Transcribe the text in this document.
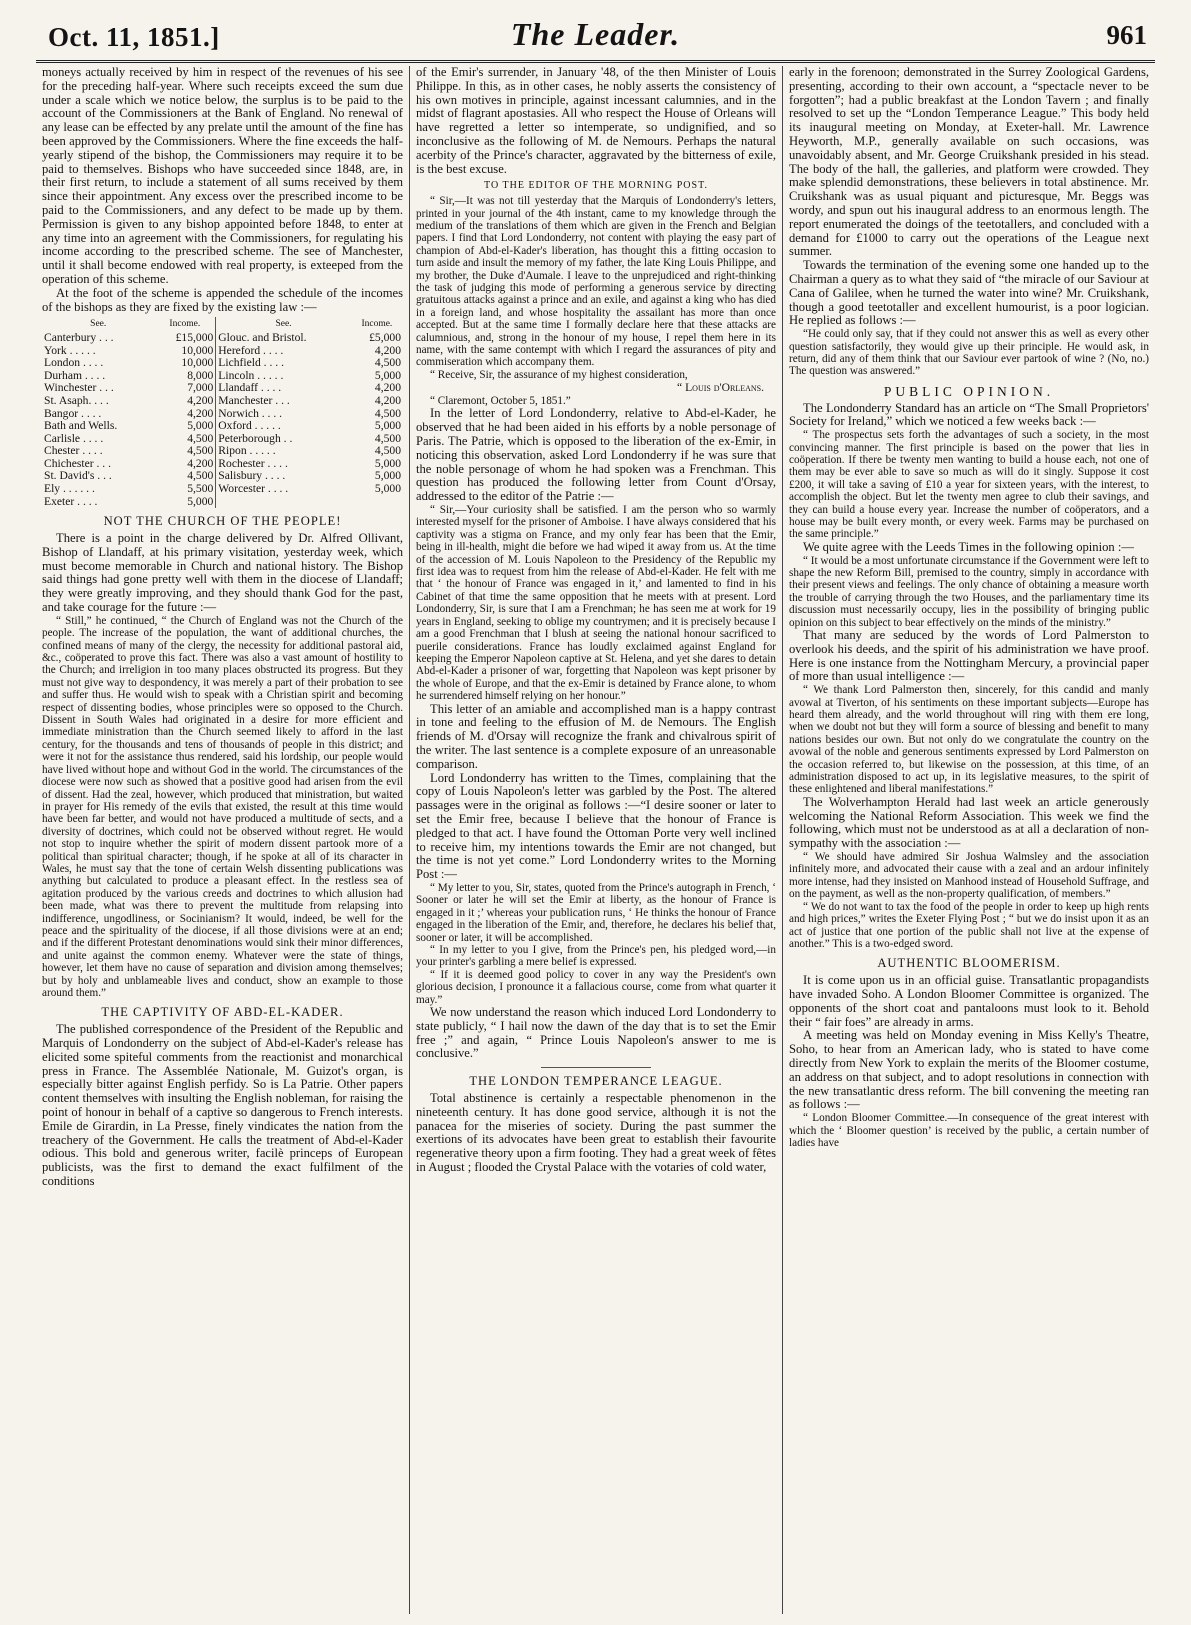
Oct. 11, 1851.]	The Leader.	961

moneys actually received by him in respect of the revenues of his see for the preceding half-year. Where such receipts exceed the sum due under a scale which we notice below, the surplus is to be paid to the account of the Commissioners at the Bank of England. No renewal of any lease can be effected by any prelate until the amount of the fine has been approved by the Commissioners. Where the fine exceeds the half-yearly stipend of the bishop, the Commissioners may require it to be paid to themselves. Bishops who have succeeded since 1848, are, in their first return, to include a statement of all sums received by them since their appointment. Any excess over the prescribed income to be paid to the Commissioners, and any defect to be made up by them. Permission is given to any bishop appointed before 1848, to enter at any time into an agreement with the Commissioners, for regulating his income according to the prescribed scheme. The see of Manchester, until it shall become endowed with real property, is exteeped from the operation of this scheme.

At the foot of the scheme is appended the schedule of the incomes of the bishops as they are fixed by the existing law :—

See.	Income.	See.	Income.
Canterbury . . .	£15,000	Glouc. and Bristol.	£5,000
York . . . . .	10,000	Hereford . . . .	4,200
London . . . .	10,000	Lichfield . . . .	4,500
Durham . . . .	8,000	Lincoln . . . . .	5,000
Winchester . . .	7,000	Llandaff . . . .	4,200
St. Asaph. . . .	4,200	Manchester . . .	4,200
Bangor . . . .	4,200	Norwich . . . .	4,500
Bath and Wells.	5,000	Oxford . . . . .	5,000
Carlisle . . . .	4,500	Peterborough . .	4,500
Chester . . . .	4,500	Ripon . . . . .	4,500
Chichester . . .	4,200	Rochester . . . .	5,000
St. David's . . .	4,500	Salisbury . . . .	5,000
Ely . . . . . .	5,500	Worcester . . . .	5,000
Exeter . . . .	5,000		
NOT THE CHURCH OF THE PEOPLE!

There is a point in the charge delivered by Dr. Alfred Ollivant, Bishop of Llandaff, at his primary visitation, yesterday week, which must become memorable in Church and national history. The Bishop said things had gone pretty well with them in the diocese of Llandaff; they were greatly improving, and they should thank God for the past, and take courage for the future :—

“ Still,” he continued, “ the Church of England was not the Church of the people. The increase of the population, the want of additional churches, the confined means of many of the clergy, the necessity for additional pastoral aid, &c., coöperated to prove this fact. There was also a vast amount of hostility to the Church; and irreligion in too many places obstructed its progress. But they must not give way to despondency, it was merely a part of their probation to see and suffer thus. He would wish to speak with a Christian spirit and becoming respect of dissenting bodies, whose principles were so opposed to the Church. Dissent in South Wales had originated in a desire for more efficient and immediate ministration than the Church seemed likely to afford in the last century, for the thousands and tens of thousands of people in this district; and were it not for the assistance thus rendered, said his lordship, our people would have lived without hope and without God in the world. The circumstances of the diocese were now such as showed that a positive good had arisen from the evil of dissent. Had the zeal, however, which produced that ministration, but waited in prayer for His remedy of the evils that existed, the result at this time would have been far better, and would not have produced a multitude of sects, and a diversity of doctrines, which could not be observed without regret. He would not stop to inquire whether the spirit of modern dissent partook more of a political than spiritual character; though, if he spoke at all of its character in Wales, he must say that the tone of certain Welsh dissenting publications was anything but calculated to produce a pleasant effect. In the restless sea of agitation produced by the various creeds and doctrines to which allusion had been made, what was there to prevent the multitude from relapsing into indifference, ungodliness, or Socinianism? It would, indeed, be well for the peace and the spirituality of the diocese, if all those divisions were at an end; and if the different Protestant denominations would sink their minor differences, and unite against the common enemy. Whatever were the state of things, however, let them have no cause of separation and division among themselves; but by holy and unblameable lives and conduct, show an example to those around them.”

THE CAPTIVITY OF ABD-EL-KADER.

The published correspondence of the President of the Republic and Marquis of Londonderry on the subject of Abd-el-Kader's release has elicited some spiteful comments from the reactionist and monarchical press in France. The Assemblée Nationale, M. Guizot's organ, is especially bitter against English perfidy. So is La Patrie. Other papers content themselves with insulting the English nobleman, for raising the point of honour in behalf of a captive so dangerous to French interests. Emile de Girardin, in La Presse, finely vindicates the nation from the treachery of the Government. He calls the treatment of Abd-el-Kader odious. This bold and generous writer, facilè princeps of European publicists, was the first to demand the exact fulfilment of the conditions

of the Emir's surrender, in January '48, of the then Minister of Louis Philippe. In this, as in other cases, he nobly asserts the consistency of his own motives in principle, against incessant calumnies, and in the midst of flagrant apostasies. All who respect the House of Orleans will have regretted a letter so intemperate, so undignified, and so inconclusive as the following of M. de Nemours. Perhaps the natural acerbity of the Prince's character, aggravated by the bitterness of exile, is the best excuse.

TO THE EDITOR OF THE MORNING POST.

“ Sir,—It was not till yesterday that the Marquis of Londonderry's letters, printed in your journal of the 4th instant, came to my knowledge through the medium of the translations of them which are given in the French and Belgian papers. I find that Lord Londonderry, not content with playing the easy part of champion of Abd-el-Kader's liberation, has thought this a fitting occasion to turn aside and insult the memory of my father, the late King Louis Philippe, and my brother, the Duke d'Aumale. I leave to the unprejudiced and right-thinking the task of judging this mode of performing a generous service by directing gratuitous attacks against a prince and an exile, and against a king who has died in a foreign land, and whose hospitality the assailant has more than once accepted. But at the same time I formally declare here that these attacks are calumnious, and, strong in the honour of my house, I repel them here in its name, with the same contempt with which I regard the assurances of pity and commiseration which accompany them.

“ Receive, Sir, the assurance of my highest consideration,

“ Louis d'Orleans.

“ Claremont, October 5, 1851.”

In the letter of Lord Londonderry, relative to Abd-el-Kader, he observed that he had been aided in his efforts by a noble personage of Paris. The Patrie, which is opposed to the liberation of the ex-Emir, in noticing this observation, asked Lord Londonderry if he was sure that the noble personage of whom he had spoken was a Frenchman. This question has produced the following letter from Count d'Orsay, addressed to the editor of the Patrie :—

“ Sir,—Your curiosity shall be satisfied. I am the person who so warmly interested myself for the prisoner of Amboise. I have always considered that his captivity was a stigma on France, and my only fear has been that the Emir, being in ill-health, might die before we had wiped it away from us. At the time of the accession of M. Louis Napoleon to the Presidency of the Republic my first idea was to request from him the release of Abd-el-Kader. He felt with me that ‘ the honour of France was engaged in it,’ and lamented to find in his Cabinet of that time the same opposition that he meets with at present. Lord Londonderry, Sir, is sure that I am a Frenchman; he has seen me at work for 19 years in England, seeking to oblige my countrymen; and it is precisely because I am a good Frenchman that I blush at seeing the national honour sacrificed to puerile considerations. France has loudly exclaimed against England for keeping the Emperor Napoleon captive at St. Helena, and yet she dares to detain Abd-el-Kader a prisoner of war, forgetting that Napoleon was kept prisoner by the whole of Europe, and that the ex-Emir is detained by France alone, to whom he surrendered himself relying on her honour.”

This letter of an amiable and accomplished man is a happy contrast in tone and feeling to the effusion of M. de Nemours. The English friends of M. d'Orsay will recognize the frank and chivalrous spirit of the writer. The last sentence is a complete exposure of an unreasonable comparison.

Lord Londonderry has written to the Times, complaining that the copy of Louis Napoleon's letter was garbled by the Post. The altered passages were in the original as follows :—“I desire sooner or later to set the Emir free, because I believe that the honour of France is pledged to that act. I have found the Ottoman Porte very well inclined to receive him, my intentions towards the Emir are not changed, but the time is not yet come.” Lord Londonderry writes to the Morning Post :—

“ My letter to you, Sir, states, quoted from the Prince's autograph in French, ‘ Sooner or later he will set the Emir at liberty, as the honour of France is engaged in it ;’ whereas your publication runs, ‘ He thinks the honour of France engaged in the liberation of the Emir, and, therefore, he declares his belief that, sooner or later, it will be accomplished.

“ In my letter to you I give, from the Prince's pen, his pledged word,—in your printer's garbling a mere belief is expressed.

“ If it is deemed good policy to cover in any way the President's own glorious decision, I pronounce it a fallacious course, come from what quarter it may.”

We now understand the reason which induced Lord Londonderry to state publicly, “ I hail now the dawn of the day that is to set the Emir free ;” and again, “ Prince Louis Napoleon's answer to me is conclusive.”

THE LONDON TEMPERANCE LEAGUE.

Total abstinence is certainly a respectable phenomenon in the nineteenth century. It has done good service, although it is not the panacea for the miseries of society. During the past summer the exertions of its advocates have been great to establish their favourite regenerative theory upon a firm footing. They had a great week of fêtes in August ; flooded the Crystal Palace with the votaries of cold water,

early in the forenoon; demonstrated in the Surrey Zoological Gardens, presenting, according to their own account, a “spectacle never to be forgotten”; had a public breakfast at the London Tavern ; and finally resolved to set up the “London Temperance League.” This body held its inaugural meeting on Monday, at Exeter-hall. Mr. Lawrence Heyworth, M.P., generally available on such occasions, was unavoidably absent, and Mr. George Cruikshank presided in his stead. The body of the hall, the galleries, and platform were crowded. They make splendid demonstrations, these believers in total abstinence. Mr. Cruikshank was as usual piquant and picturesque, Mr. Beggs was wordy, and spun out his inaugural address to an enormous length. The report enumerated the doings of the teetotallers, and concluded with a demand for £1000 to carry out the operations of the League next summer.

Towards the termination of the evening some one handed up to the Chairman a query as to what they said of “the miracle of our Saviour at Cana of Galilee, when he turned the water into wine? Mr. Cruikshank, though a good teetotaller and excellent humourist, is a poor logician. He replied as follows :—

“He could only say, that if they could not answer this as well as every other question satisfactorily, they would give up their principle. He would ask, in return, did any of them think that our Saviour ever partook of wine ? (No, no.) The question was answered.”

PUBLIC OPINION.

The Londonderry Standard has an article on “The Small Proprietors' Society for Ireland,” which we noticed a few weeks back :—

“ The prospectus sets forth the advantages of such a society, in the most convincing manner. The first principle is based on the power that lies in coöperation. If there be twenty men wanting to build a house each, not one of them may be ever able to save so much as will do it singly. Suppose it cost £200, it will take a saving of £10 a year for sixteen years, with the interest, to accomplish the object. But let the twenty men agree to club their savings, and they can build a house every year. Increase the number of coöperators, and a house may be built every month, or every week. Farms may be purchased on the same principle.”

We quite agree with the Leeds Times in the following opinion :—

“ It would be a most unfortunate circumstance if the Government were left to shape the new Reform Bill, premised to the country, simply in accordance with their present views and feelings. The only chance of obtaining a measure worth the trouble of carrying through the two Houses, and the parliamentary time its discussion must necessarily occupy, lies in the possibility of bringing public opinion on this subject to bear effectively on the minds of the ministry.”

That many are seduced by the words of Lord Palmerston to overlook his deeds, and the spirit of his administration we have proof. Here is one instance from the Nottingham Mercury, a provincial paper of more than usual intelligence :—

“ We thank Lord Palmerston then, sincerely, for this candid and manly avowal at Tiverton, of his sentiments on these important subjects—Europe has heard them already, and the world throughout will ring with them ere long, when we doubt not but they will form a source of blessing and benefit to many nations besides our own. But not only do we congratulate the country on the avowal of the noble and generous sentiments expressed by Lord Palmerston on the occasion referred to, but likewise on the possession, at this time, of an administration disposed to act up, in its legislative measures, to the spirit of these enlightened and liberal manifestations.”

The Wolverhampton Herald had last week an article generously welcoming the National Reform Association. This week we find the following, which must not be understood as at all a declaration of non-sympathy with the association :—

“ We should have admired Sir Joshua Walmsley and the association infinitely more, and advocated their cause with a zeal and an ardour infinitely more intense, had they insisted on Manhood instead of Household Suffrage, and on the payment, as well as the non-property qualification, of members.”

“ We do not want to tax the food of the people in order to keep up high rents and high prices,” writes the Exeter Flying Post ; “ but we do insist upon it as an act of justice that one portion of the public shall not live at the expense of another.” This is a two-edged sword.

AUTHENTIC BLOOMERISM.

It is come upon us in an official guise. Transatlantic propagandists have invaded Soho. A London Bloomer Committee is organized. The opponents of the short coat and pantaloons must look to it. Behold their “ fair foes” are already in arms.

A meeting was held on Monday evening in Miss Kelly's Theatre, Soho, to hear from an American lady, who is stated to have come directly from New York to explain the merits of the Bloomer costume, an address on that subject, and to adopt resolutions in connection with the new transatlantic dress reform. The bill convening the meeting ran as follows :—

“ London Bloomer Committee.—In consequence of the great interest with which the ‘ Bloomer question’ is received by the public, a certain number of ladies have
